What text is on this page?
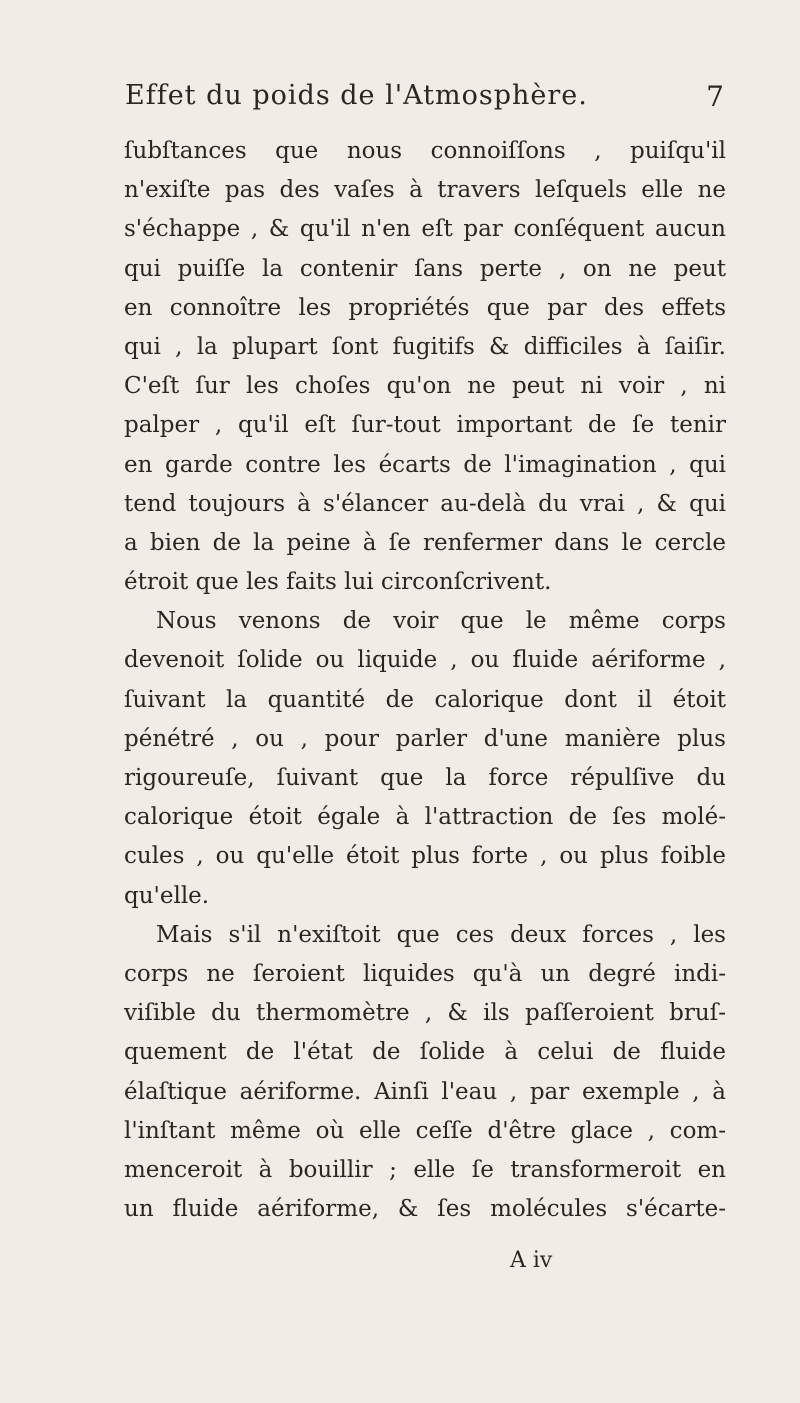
Effet du poids de l'Atmosphère.	7
ſubſtances que nous connoiſſons , puiſqu'il
n'exiſte pas des vaſes à travers leſquels elle ne
s'échappe , & qu'il n'en eſt par conſéquent aucun
qui puiſſe la contenir ſans perte , on ne peut
en connoître les propriétés que par des effets
qui , la plupart ſont fugitifs & difficiles à ſaiſir.
C'eſt ſur les choſes qu'on ne peut ni voir , ni
palper , qu'il eſt ſur-tout important de ſe tenir
en garde contre les écarts de l'imagination , qui
tend toujours à s'élancer au-delà du vrai , & qui
a bien de la peine à ſe renfermer dans le cercle
étroit que les faits lui circonſcrivent.
Nous venons de voir que le même corps
devenoit ſolide ou liquide , ou fluide aériforme ,
ſuivant la quantité de calorique dont il étoit
pénétré , ou , pour parler d'une manière plus
rigoureuſe, ſuivant que la force répulſive du
calorique étoit égale à l'attraction de ſes molé-
cules , ou qu'elle étoit plus forte , ou plus foible
qu'elle.
Mais s'il n'exiſtoit que ces deux forces , les
corps ne ſeroient liquides qu'à un degré indi-
viſible du thermomètre , & ils paſſeroient bruſ-
quement de l'état de ſolide à celui de fluide
élaſtique aériforme. Ainſi l'eau , par exemple , à
l'inſtant même où elle ceſſe d'être glace , com-
menceroit à bouillir ; elle ſe transformeroit en
un fluide aériforme, & ſes molécules s'écarte-
A iv
